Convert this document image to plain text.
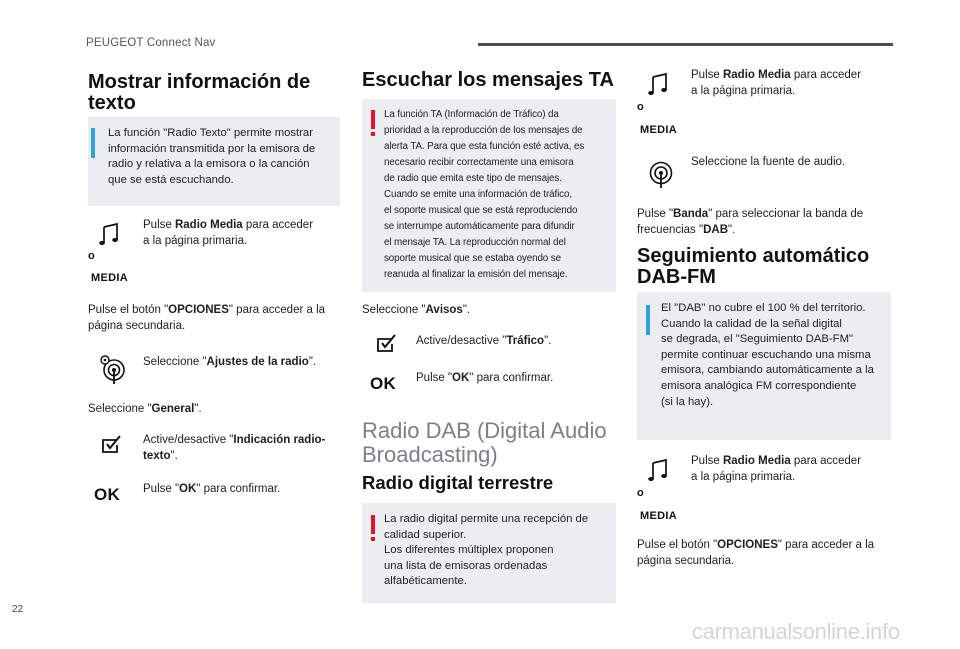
PEUGEOT Connect Nav
Mostrar información de texto
La función "Radio Texto" permite mostrar
información transmitida por la emisora de
radio y relativa a la emisora o la canción
que se está escuchando.
Pulse Radio Media para acceder
a la página primaria.
o
MEDIA
Pulse el botón "OPCIONES" para acceder a la
página secundaria.
Seleccione "Ajustes de la radio".
Seleccione "General".
Active/desactive "Indicación radio-
texto".
OK Pulse "OK" para confirmar.
Escuchar los mensajes TA
La función TA (Información de Tráfico) da
prioridad a la reproducción de los mensajes de
alerta TA. Para que esta función esté activa, es
necesario recibir correctamente una emisora
de radio que emita este tipo de mensajes.
Cuando se emite una información de tráfico,
el soporte musical que se está reproduciendo
se interrumpe automáticamente para difundir
el mensaje TA. La reproducción normal del
soporte musical que se estaba oyendo se
reanuda al finalizar la emisión del mensaje.
Seleccione "Avisos".
Active/desactive "Tráfico".
OK Pulse "OK" para confirmar.
Radio DAB (Digital Audio
Broadcasting)
Radio digital terrestre
La radio digital permite una recepción de
calidad superior.
Los diferentes múltiplex proponen
una lista de emisoras ordenadas
alfabéticamente.
Pulse Radio Media para acceder
a la página primaria.
o
MEDIA
Seleccione la fuente de audio.
Pulse "Banda" para seleccionar la banda de
frecuencias "DAB".
Seguimiento automático
DAB-FM
El "DAB" no cubre el 100 % del territorio.
Cuando la calidad de la señal digital
se degrada, el "Seguimiento DAB-FM"
permite continuar escuchando una misma
emisora, cambiando automáticamente a la
emisora analógica FM correspondiente
(si la hay).
Pulse Radio Media para acceder
a la página primaria.
o
MEDIA
Pulse el botón "OPCIONES" para acceder a la
página secundaria.
22
carmanualsonline.info
